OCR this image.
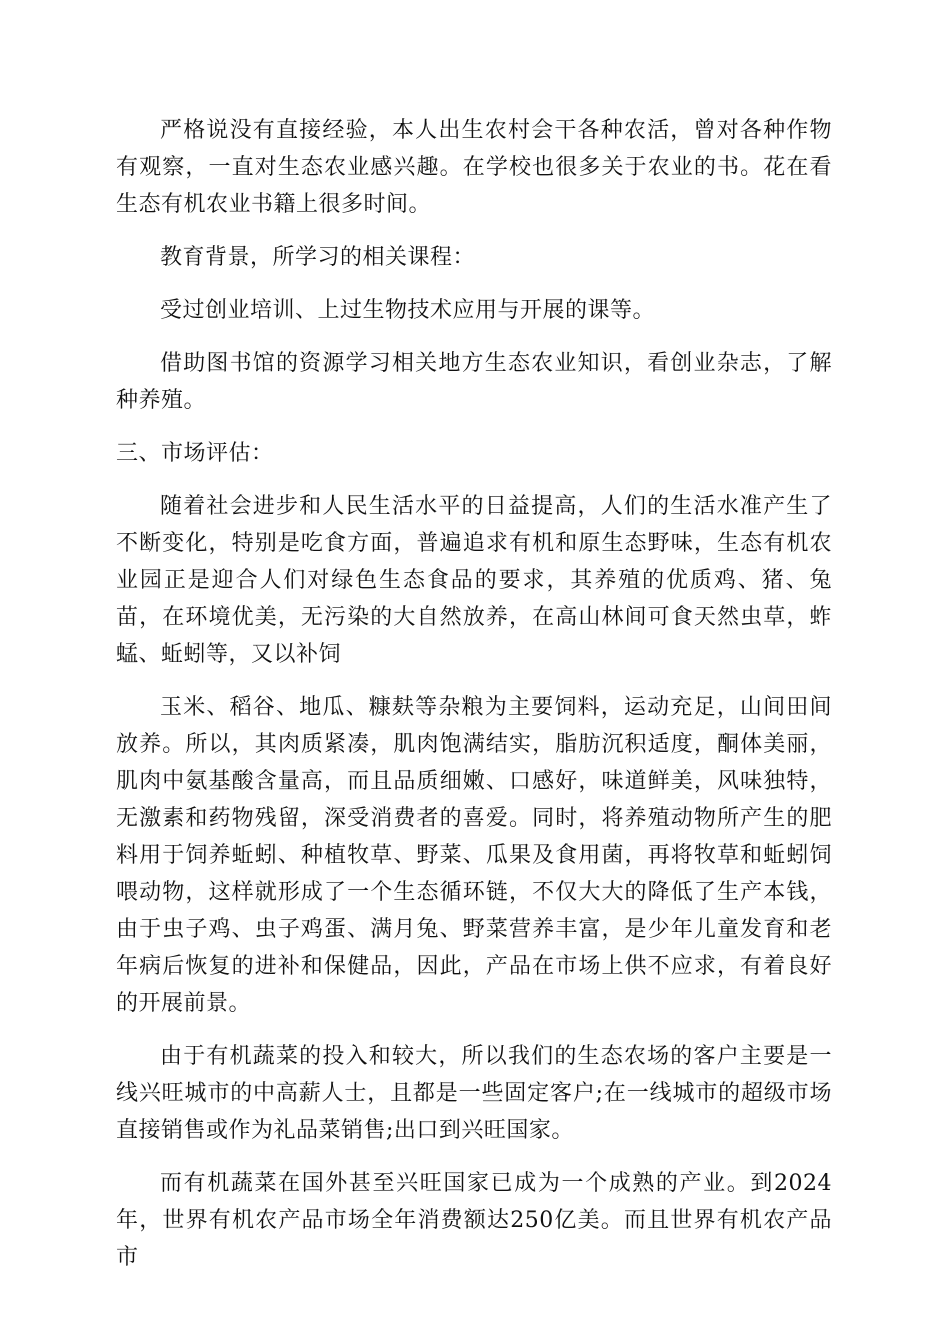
严格说没有直接经验，本人出生农村会干各种农活，曾对各种作物有观察，一直对生态农业感兴趣。在学校也很多关于农业的书。花在看生态有机农业书籍上很多时间。

教育背景，所学习的相关课程：

受过创业培训、上过生物技术应用与开展的课等。

借助图书馆的资源学习相关地方生态农业知识，看创业杂志，了解种养殖。

三、市场评估：

随着社会进步和人民生活水平的日益提高，人们的生活水准产生了不断变化，特别是吃食方面，普遍追求有机和原生态野味，生态有机农业园正是迎合人们对绿色生态食品的要求，其养殖的优质鸡、猪、兔苗，在环境优美，无污染的大自然放养，在高山林间可食天然虫草，蚱蜢、蚯蚓等，又以补饲

玉米、稻谷、地瓜、糠麸等杂粮为主要饲料，运动充足，山间田间放养。所以，其肉质紧凑，肌肉饱满结实，脂肪沉积适度，酮体美丽，肌肉中氨基酸含量高，而且品质细嫩、口感好，味道鲜美，风味独特，无激素和药物残留，深受消费者的喜爱。同时，将养殖动物所产生的肥料用于饲养蚯蚓、种植牧草、野菜、瓜果及食用菌，再将牧草和蚯蚓饲喂动物，这样就形成了一个生态循环链，不仅大大的降低了生产本钱，由于虫子鸡、虫子鸡蛋、满月兔、野菜营养丰富，是少年儿童发育和老年病后恢复的进补和保健品，因此，产品在市场上供不应求，有着良好的开展前景。

由于有机蔬菜的投入和较大，所以我们的生态农场的客户主要是一线兴旺城市的中高薪人士，且都是一些固定客户;在一线城市的超级市场直接销售或作为礼品菜销售;出口到兴旺国家。

而有机蔬菜在国外甚至兴旺国家已成为一个成熟的产业。到2024年，世界有机农产品市场全年消费额达250亿美。而且世界有机农产品市
